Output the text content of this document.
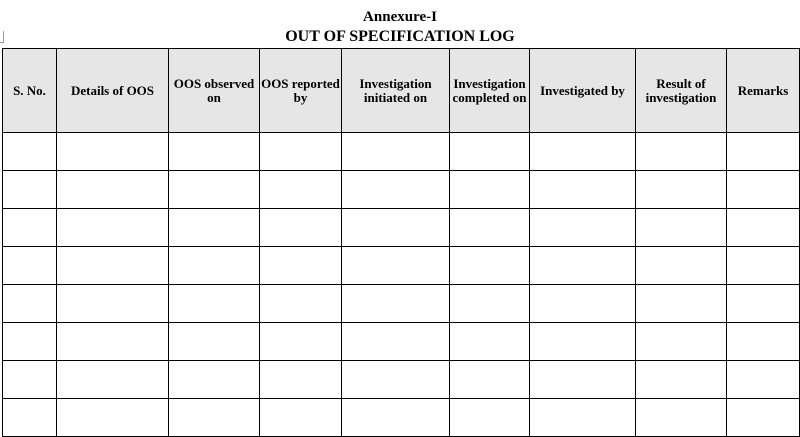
Annexure-I
OUT OF SPECIFICATION LOG
S. No.	Details of OOS	OOS observed on	OOS reported by	Investigation initiated on	Investigation completed on	Investigated by	Result of investigation	Remarks
